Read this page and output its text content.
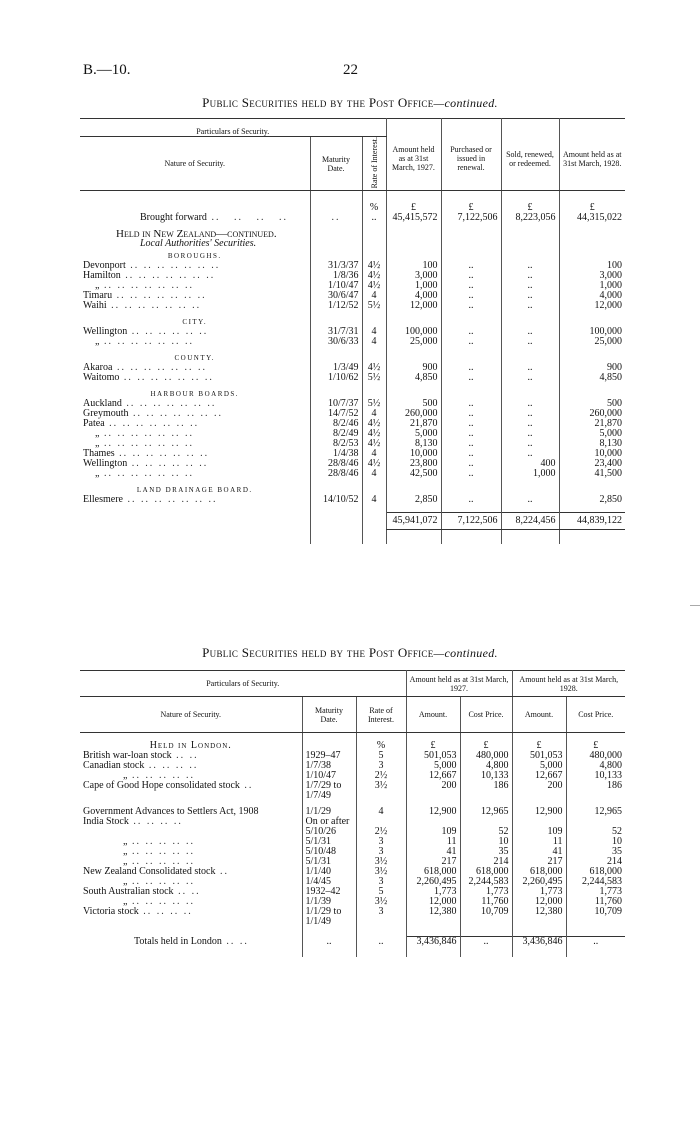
B.—10.	22
Public Securities held by the Post Office—continued.
Particulars of Security.			Amount held as at 31st March, 1927.	Purchased or issued in renewal.	Sold, renewed, or redeemed.	Amount held as at 31st March, 1928.
Nature of Security.	Maturity Date.	Rate of Interest.				

		%	£	£	£	£
Brought forward ..   ..   ..   ..	..	..	45,415,572	7,122,506	8,223,056	44,315,022

Held in New Zealand—continued.						
Local Authorities' Securities.						

BOROUGHS.						
Devonport .. .. .. .. .. .. ..	31/3/37	4½	100	..	..	100
Hamilton .. .. .. .. .. .. ..	1/8/36	4½	3,000	..	..	3,000
„ .. .. .. .. .. .. ..	1/10/47	4½	1,000	..	..	1,000
Timaru .. .. .. .. .. .. ..	30/6/47	4	4,000	..	..	4,000
Waihi .. .. .. .. .. .. ..	1/12/52	5½	12,000	..	..	12,000

CITY.						
Wellington .. .. .. .. .. ..	31/7/31	4	100,000	..	..	100,000
„ .. .. .. .. .. .. ..	30/6/33	4	25,000	..	..	25,000

COUNTY.						
Akaroa .. .. .. .. .. .. ..	1/3/49	4½	900	..	..	900
Waitomo .. .. .. .. .. .. ..	1/10/62	5½	4,850	..	..	4,850

HARBOUR BOARDS.						
Auckland .. .. .. .. .. .. ..	10/7/37	5½	500	..	..	500
Greymouth .. .. .. .. .. .. ..	14/7/52	4	260,000	..	..	260,000
Patea .. .. .. .. .. .. ..	8/2/46	4½	21,870	..	..	21,870
„ .. .. .. .. .. .. ..	8/2/49	4½	5,000	..	..	5,000
„ .. .. .. .. .. .. ..	8/2/53	4½	8,130	..	..	8,130
Thames .. .. .. .. .. .. ..	1/4/38	4	10,000	..	..	10,000
Wellington .. .. .. .. .. ..	28/8/46	4½	23,800	..	400	23,400
„ .. .. .. .. .. .. ..	28/8/46	4	42,500	..	1,000	41,500

LAND DRAINAGE BOARD.						
Ellesmere .. .. .. .. .. .. ..	14/10/52	4	2,850	..	..	2,850

			45,941,072	7,122,506	8,224,456	44,839,122

Public Securities held by the Post Office—continued.
Particulars of Security.			Amount held as at 31st March, 1927.		Amount held as at 31st March, 1928.	
Nature of Security.	Maturity Date.	Rate of Interest.	Amount.	Cost Price.	Amount.	Cost Price.

Held in London.		%	£	£	£	£
British war-loan stock .. ..	1929–47	5	501,053	480,000	501,053	480,000
Canadian stock .. .. .. ..	1/7/38	3	5,000	4,800	5,000	4,800
„ .. .. .. .. ..	1/10/47	2½	12,667	10,133	12,667	10,133
Cape of Good Hope consolidated stock ..	1/7/29 to	3½	200	186	200	186
	1/7/49					
Government Advances to Settlers Act, 1908	1/1/29	4	12,900	12,965	12,900	12,965
India Stock .. .. .. ..	On or after					
	5/10/26	2½	109	52	109	52
„ .. .. .. .. ..	5/1/31	3	11	10	11	10
„ .. .. .. .. ..	5/10/48	3	41	35	41	35
„ .. .. .. .. ..	5/1/31	3½	217	214	217	214
New Zealand Consolidated stock ..	1/1/40	3½	618,000	618,000	618,000	618,000
„ .. .. .. .. ..	1/4/45	3	2,260,495	2,244,583	2,260,495	2,244,583
South Australian stock .. ..	1932–42	5	1,773	1,773	1,773	1,773
„ .. .. .. .. ..	1/1/39	3½	12,000	11,760	12,000	11,760
Victoria stock .. .. .. ..	1/1/29 to	3	12,380	10,709	12,380	10,709
	1/1/49					

Totals held in London .. ..	..	..	3,436,846	..	3,436,846	..
